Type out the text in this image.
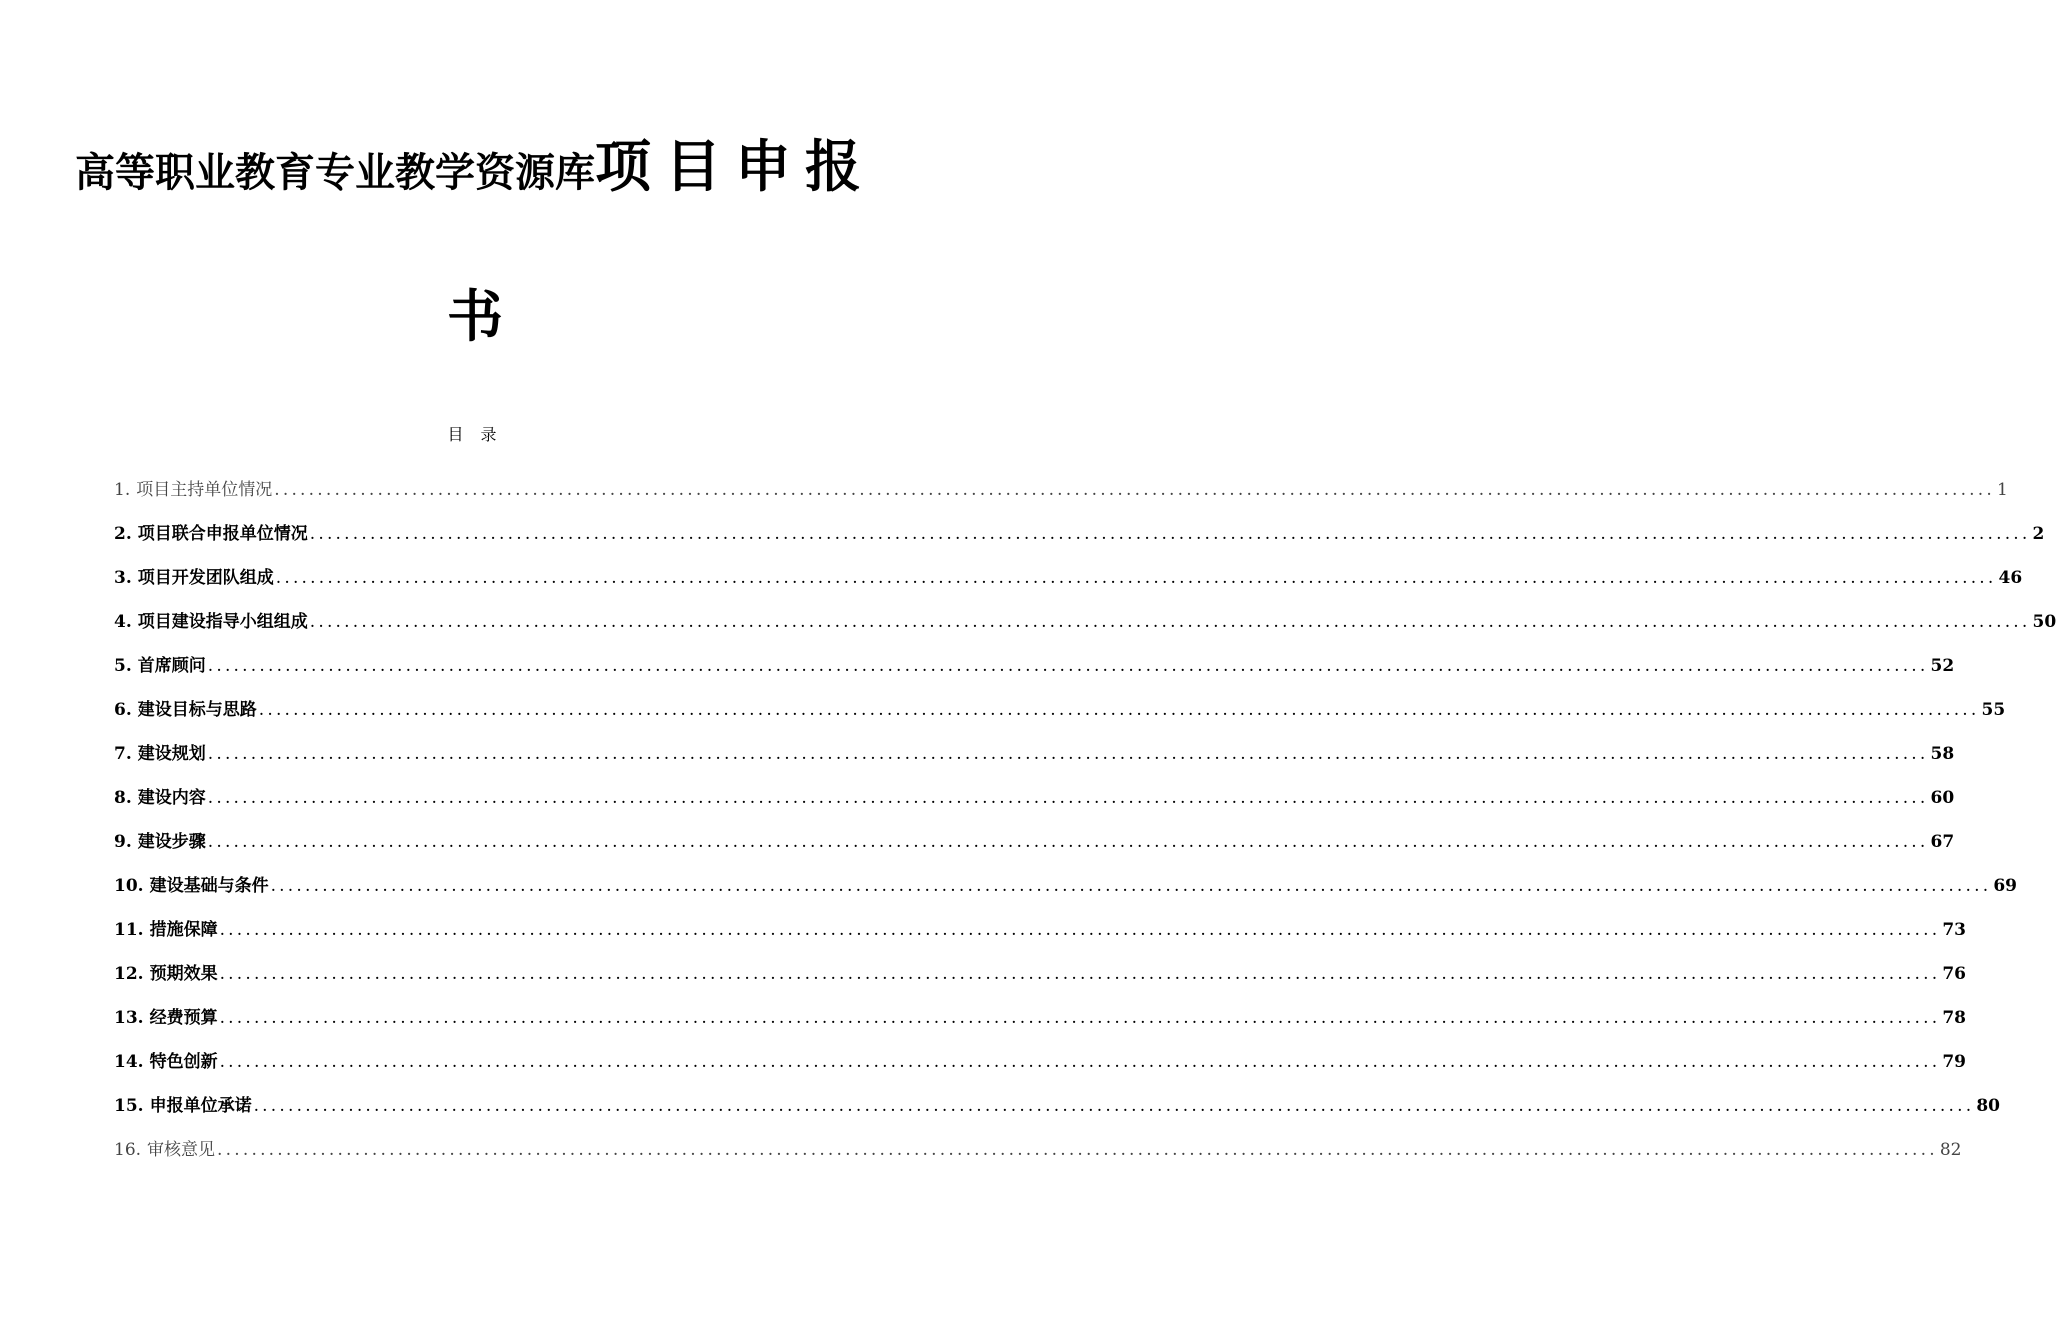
高等职业教育专业教学资源库项目申报
书
目 录
1. 项目主持单位情况 ........................................................................................................................................................................................................ 1
2. 项目联合申报单位情况 ........................................................................................................................................................................................................ 2
3. 项目开发团队组成 ........................................................................................................................................................................................................ 46
4. 项目建设指导小组组成 ........................................................................................................................................................................................................ 50
5. 首席顾问 ........................................................................................................................................................................................................ 52
6. 建设目标与思路 ........................................................................................................................................................................................................ 55
7. 建设规划 ........................................................................................................................................................................................................ 58
8. 建设内容 ........................................................................................................................................................................................................ 60
9. 建设步骤 ........................................................................................................................................................................................................ 67
10. 建设基础与条件 ........................................................................................................................................................................................................ 69
11. 措施保障 ........................................................................................................................................................................................................ 73
12. 预期效果 ........................................................................................................................................................................................................ 76
13. 经费预算 ........................................................................................................................................................................................................ 78
14. 特色创新 ........................................................................................................................................................................................................ 79
15. 申报单位承诺 ........................................................................................................................................................................................................ 80
16. 审核意见 ........................................................................................................................................................................................................ 82
